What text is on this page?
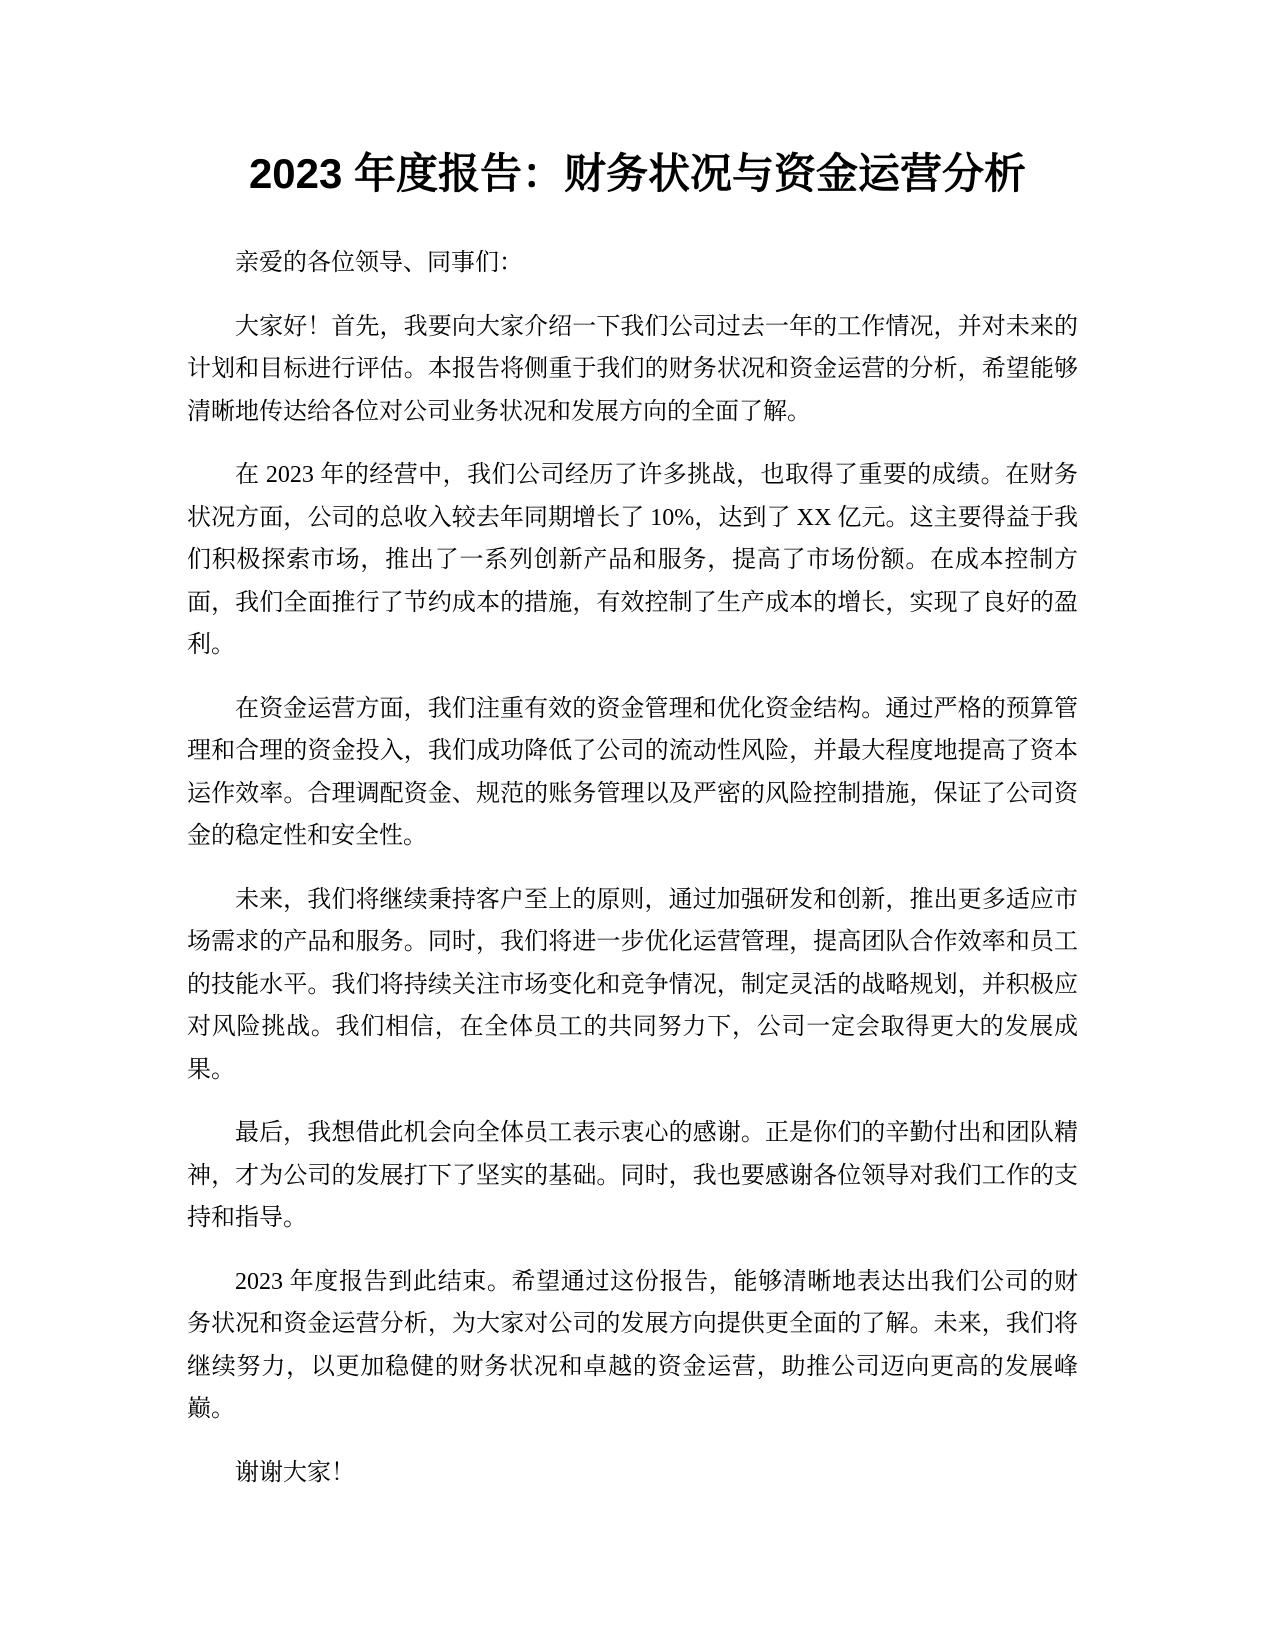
2023 年度报告：财务状况与资金运营分析

亲爱的各位领导、同事们：

大家好！首先，我要向大家介绍一下我们公司过去一年的工作情况，并对未来的计划和目标进行评估。本报告将侧重于我们的财务状况和资金运营的分析，希望能够清晰地传达给各位对公司业务状况和发展方向的全面了解。

在 2023 年的经营中，我们公司经历了许多挑战，也取得了重要的成绩。在财务状况方面，公司的总收入较去年同期增长了 10%，达到了 XX 亿元。这主要得益于我们积极探索市场，推出了一系列创新产品和服务，提高了市场份额。在成本控制方面，我们全面推行了节约成本的措施，有效控制了生产成本的增长，实现了良好的盈利。

在资金运营方面，我们注重有效的资金管理和优化资金结构。通过严格的预算管理和合理的资金投入，我们成功降低了公司的流动性风险，并最大程度地提高了资本运作效率。合理调配资金、规范的账务管理以及严密的风险控制措施，保证了公司资金的稳定性和安全性。

未来，我们将继续秉持客户至上的原则，通过加强研发和创新，推出更多适应市场需求的产品和服务。同时，我们将进一步优化运营管理，提高团队合作效率和员工的技能水平。我们将持续关注市场变化和竞争情况，制定灵活的战略规划，并积极应对风险挑战。我们相信，在全体员工的共同努力下，公司一定会取得更大的发展成果。

最后，我想借此机会向全体员工表示衷心的感谢。正是你们的辛勤付出和团队精神，才为公司的发展打下了坚实的基础。同时，我也要感谢各位领导对我们工作的支持和指导。

2023 年度报告到此结束。希望通过这份报告，能够清晰地表达出我们公司的财务状况和资金运营分析，为大家对公司的发展方向提供更全面的了解。未来，我们将继续努力，以更加稳健的财务状况和卓越的资金运营，助推公司迈向更高的发展峰巅。

谢谢大家！
